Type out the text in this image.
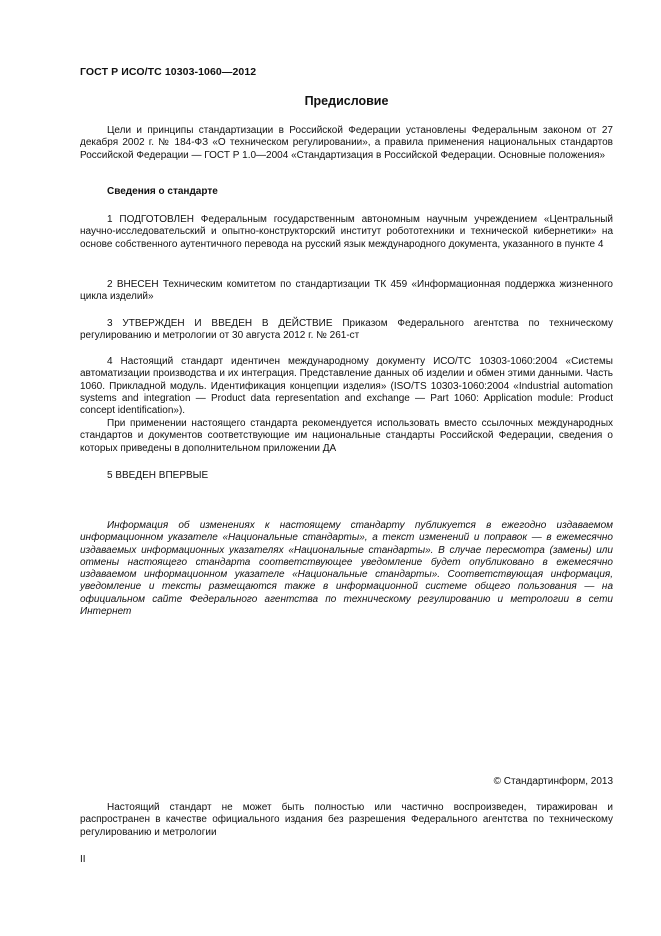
ГОСТ Р ИСО/ТС 10303-1060—2012
Предисловие

Цели и принципы стандартизации в Российской Федерации установлены Федеральным законом от 27 декабря 2002 г. № 184-ФЗ «О техническом регулировании», а правила применения национальных стандартов Российской Федерации — ГОСТ Р 1.0—2004 «Стандартизация в Российской Федерации. Основные положения»

Сведения о стандарте

1 ПОДГОТОВЛЕН Федеральным государственным автономным научным учреждением «Центральный научно-исследовательский и опытно-конструкторский институт робототехники и технической кибернетики» на основе собственного аутентичного перевода на русский язык международного документа, указанного в пункте 4

2 ВНЕСЕН Техническим комитетом по стандартизации ТК 459 «Информационная поддержка жизненного цикла изделий»

3 УТВЕРЖДЕН И ВВЕДЕН В ДЕЙСТВИЕ Приказом Федерального агентства по техническому регулированию и метрологии от 30 августа 2012 г. № 261-ст

4 Настоящий стандарт идентичен международному документу ИСО/ТС 10303-1060:2004 «Системы автоматизации производства и их интеграция. Представление данных об изделии и обмен этими данными. Часть 1060. Прикладной модуль. Идентификация концепции изделия» (ISO/TS 10303-1060:2004 «Industrial automation systems and integration — Product data representation and exchange — Part 1060: Application module: Product concept identification»).

При применении настоящего стандарта рекомендуется использовать вместо ссылочных международных стандартов и документов соответствующие им национальные стандарты Российской Федерации, сведения о которых приведены в дополнительном приложении ДА

5 ВВЕДЕН ВПЕРВЫЕ

Информация об изменениях к настоящему стандарту публикуется в ежегодно издаваемом информационном указателе «Национальные стандарты», а текст изменений и поправок — в ежемесячно издаваемых информационных указателях «Национальные стандарты». В случае пересмотра (замены) или отмены настоящего стандарта соответствующее уведомление будет опубликовано в ежемесячно издаваемом информационном указателе «Национальные стандарты». Соответствующая информация, уведомление и тексты размещаются также в информационной системе общего пользования — на официальном сайте Федерального агентства по техническому регулированию и метрологии в сети Интернет

© Стандартинформ, 2013

Настоящий стандарт не может быть полностью или частично воспроизведен, тиражирован и распространен в качестве официального издания без разрешения Федерального агентства по техническому регулированию и метрологии

II
